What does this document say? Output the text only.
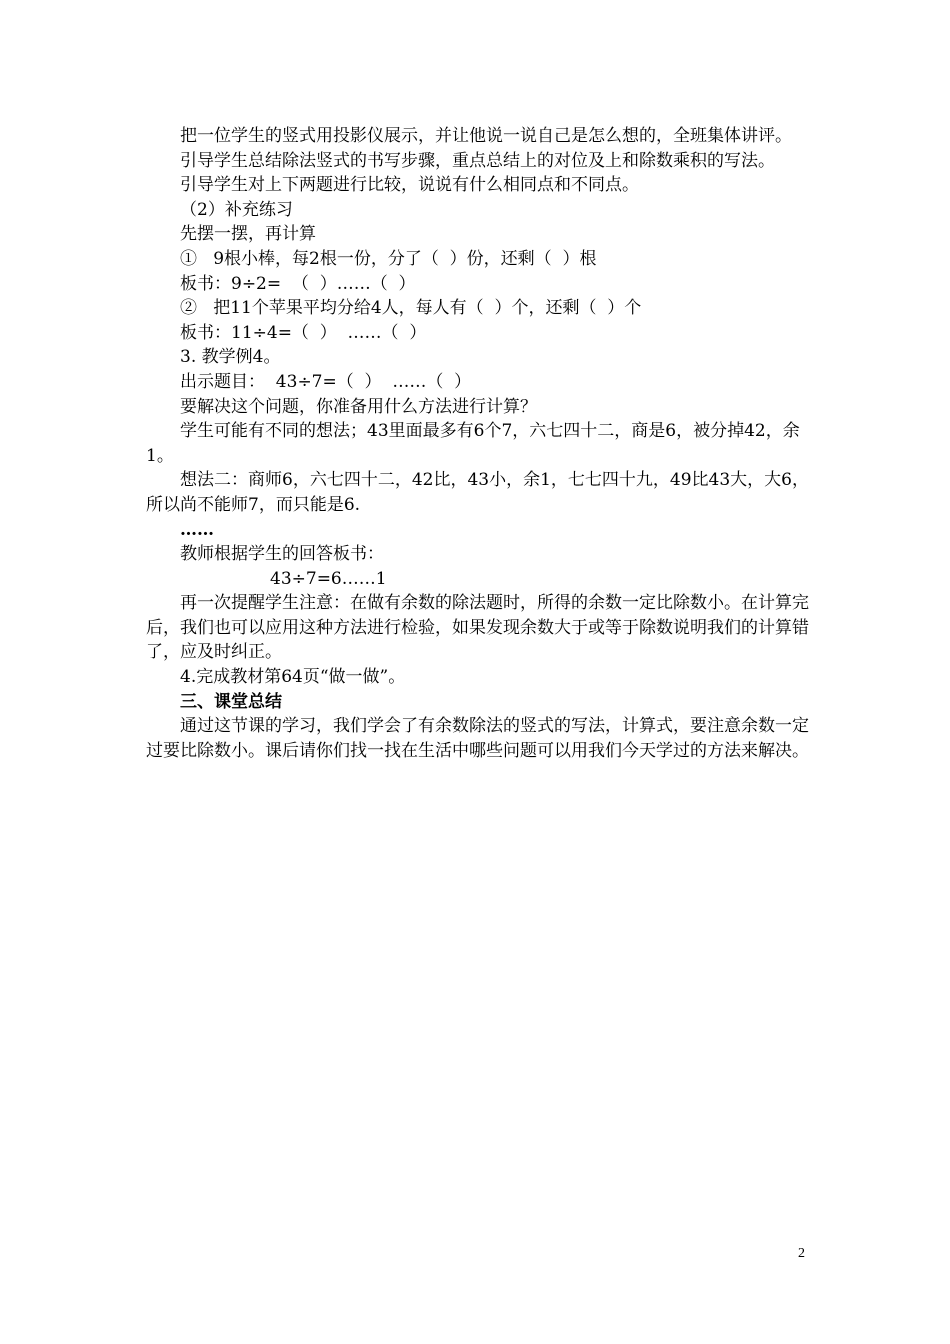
把一位学生的竖式用投影仪展示，并让他说一说自己是怎么想的，全班集体讲评。
引导学生总结除法竖式的书写步骤，重点总结上的对位及上和除数乘积的写法。
引导学生对上下两题进行比较，说说有什么相同点和不同点。
（2）补充练习
先摆一摆，再计算
①   9根小棒，每2根一份，分了（  ）份，还剩（  ）根
板书：9÷2=  （  ）……（  ）
②   把11个苹果平均分给4人，每人有（  ）个，还剩（  ）个
板书：11÷4=（  ）  ……（  ）
3. 教学例4。
出示题目：  43÷7=（  ）  ……（  ）
要解决这个问题，你准备用什么方法进行计算？
学生可能有不同的想法；43里面最多有6个7，六七四十二，商是6，被分掉42，余1。
想法二：商师6，六七四十二，42比，43小，余1，七七四十九，49比43大，大6，所以尚不能师7，而只能是6.
……
教师根据学生的回答板书：
43÷7=6……1
再一次提醒学生注意：在做有余数的除法题时，所得的余数一定比除数小。在计算完后，我们也可以应用这种方法进行检验，如果发现余数大于或等于除数说明我们的计算错了，应及时纠正。
4.完成教材第64页“做一做”。
三、课堂总结
通过这节课的学习，我们学会了有余数除法的竖式的写法，计算式，要注意余数一定过要比除数小。课后请你们找一找在生活中哪些问题可以用我们今天学过的方法来解决。
2
